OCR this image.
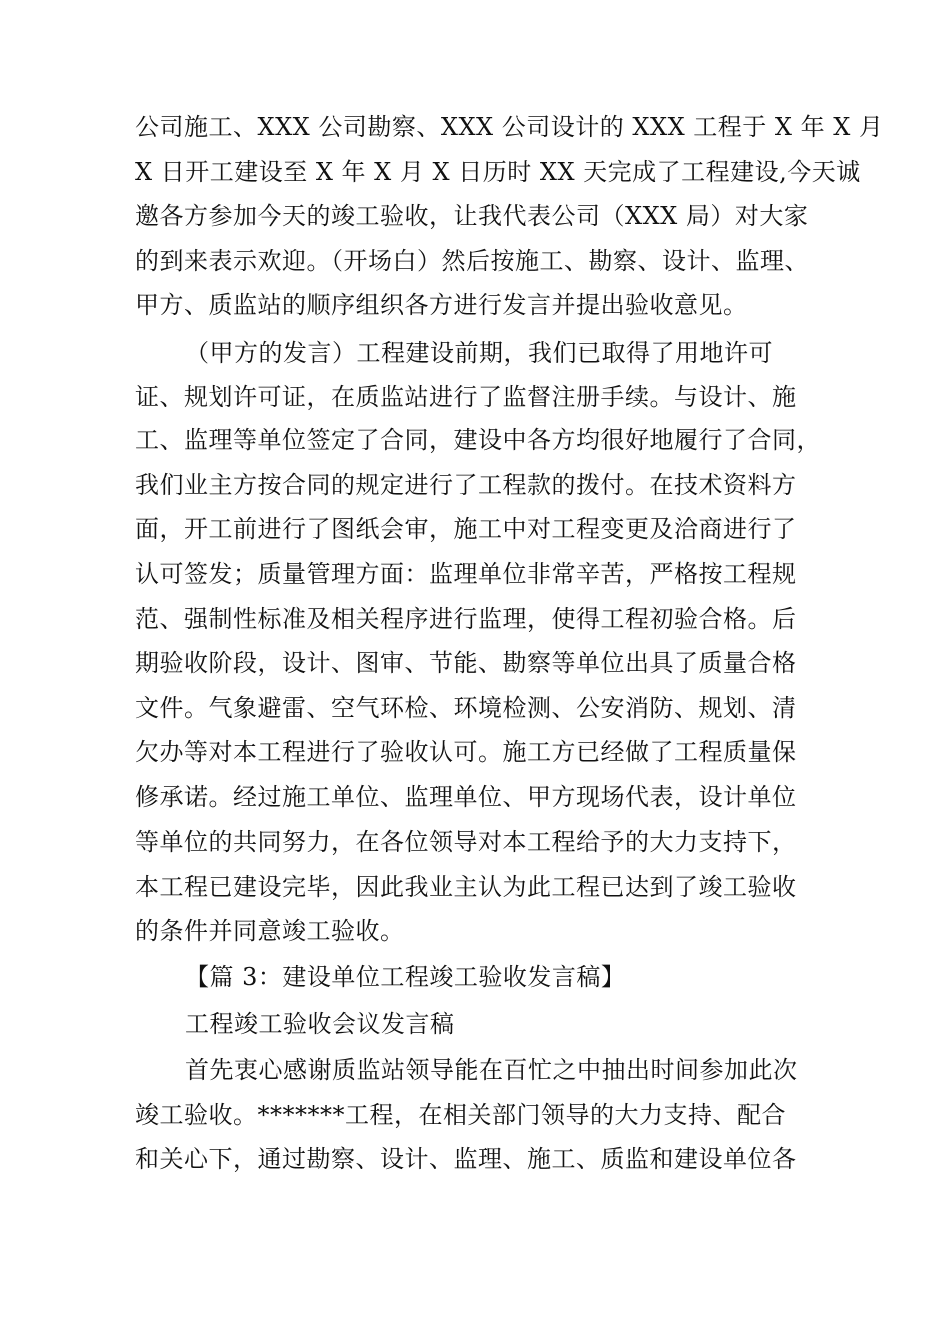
公司施工、XXX 公司勘察、XXX 公司设计的 XXX 工程于 X 年 X 月
X 日开工建设至 X 年 X 月 X 日历时 XX 天完成了工程建设,今天诚
邀各方参加今天的竣工验收，让我代表公司（XXX 局）对大家
的到来表示欢迎。（开场白）然后按施工、勘察、设计、监理、
甲方、质监站的顺序组织各方进行发言并提出验收意见。
（甲方的发言）工程建设前期，我们已取得了用地许可
证、规划许可证，在质监站进行了监督注册手续。与设计、施
工、监理等单位签定了合同，建设中各方均很好地履行了合同，
我们业主方按合同的规定进行了工程款的拨付。在技术资料方
面，开工前进行了图纸会审，施工中对工程变更及洽商进行了
认可签发；质量管理方面：监理单位非常辛苦，严格按工程规
范、强制性标准及相关程序进行监理，使得工程初验合格。后
期验收阶段，设计、图审、节能、勘察等单位出具了质量合格
文件。气象避雷、空气环检、环境检测、公安消防、规划、清
欠办等对本工程进行了验收认可。施工方已经做了工程质量保
修承诺。经过施工单位、监理单位、甲方现场代表，设计单位
等单位的共同努力，在各位领导对本工程给予的大力支持下，
本工程已建设完毕，因此我业主认为此工程已达到了竣工验收
的条件并同意竣工验收。
【篇 3：建设单位工程竣工验收发言稿】
工程竣工验收会议发言稿
首先衷心感谢质监站领导能在百忙之中抽出时间参加此次
竣工验收。*******工程，在相关部门领导的大力支持、配合
和关心下，通过勘察、设计、监理、施工、质监和建设单位各
